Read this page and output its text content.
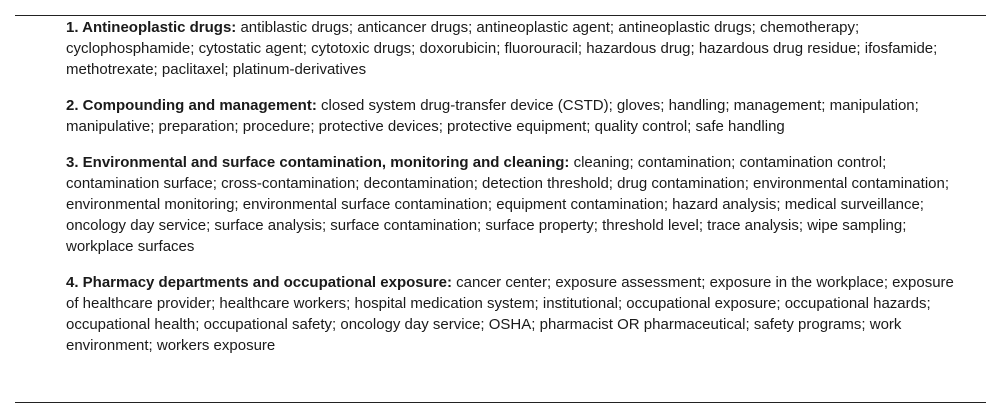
1. Antineoplastic drugs: antiblastic drugs; anticancer drugs; antineoplastic agent; antineoplastic drugs; chemotherapy; cyclophosphamide; cytostatic agent; cytotoxic drugs; doxorubicin; fluorouracil; hazardous drug; hazardous drug residue; ifosfamide; methotrexate; paclitaxel; platinum-derivatives

2. Compounding and management: closed system drug-transfer device (CSTD); gloves; handling; management; manipulation; manipulative; preparation; procedure; protective devices; protective equipment; quality control; safe handling

3. Environmental and surface contamination, monitoring and cleaning: cleaning; contamination; contamination control; contamination surface; cross-contamination; decontamination; detection threshold; drug contamination; environmental contamination; environmental monitoring; environmental surface contamination; equipment contamination; hazard analysis; medical surveillance; oncology day service; surface analysis; surface contamination; surface property; threshold level; trace analysis; wipe sampling; workplace surfaces

4. Pharmacy departments and occupational exposure: cancer center; exposure assessment; exposure in the workplace; exposure of healthcare provider; healthcare workers; hospital medication system; institutional; occupational exposure; occupational hazards; occupational health; occupational safety; oncology day service; OSHA; pharmacist OR pharmaceutical; safety programs; work environment; workers exposure
